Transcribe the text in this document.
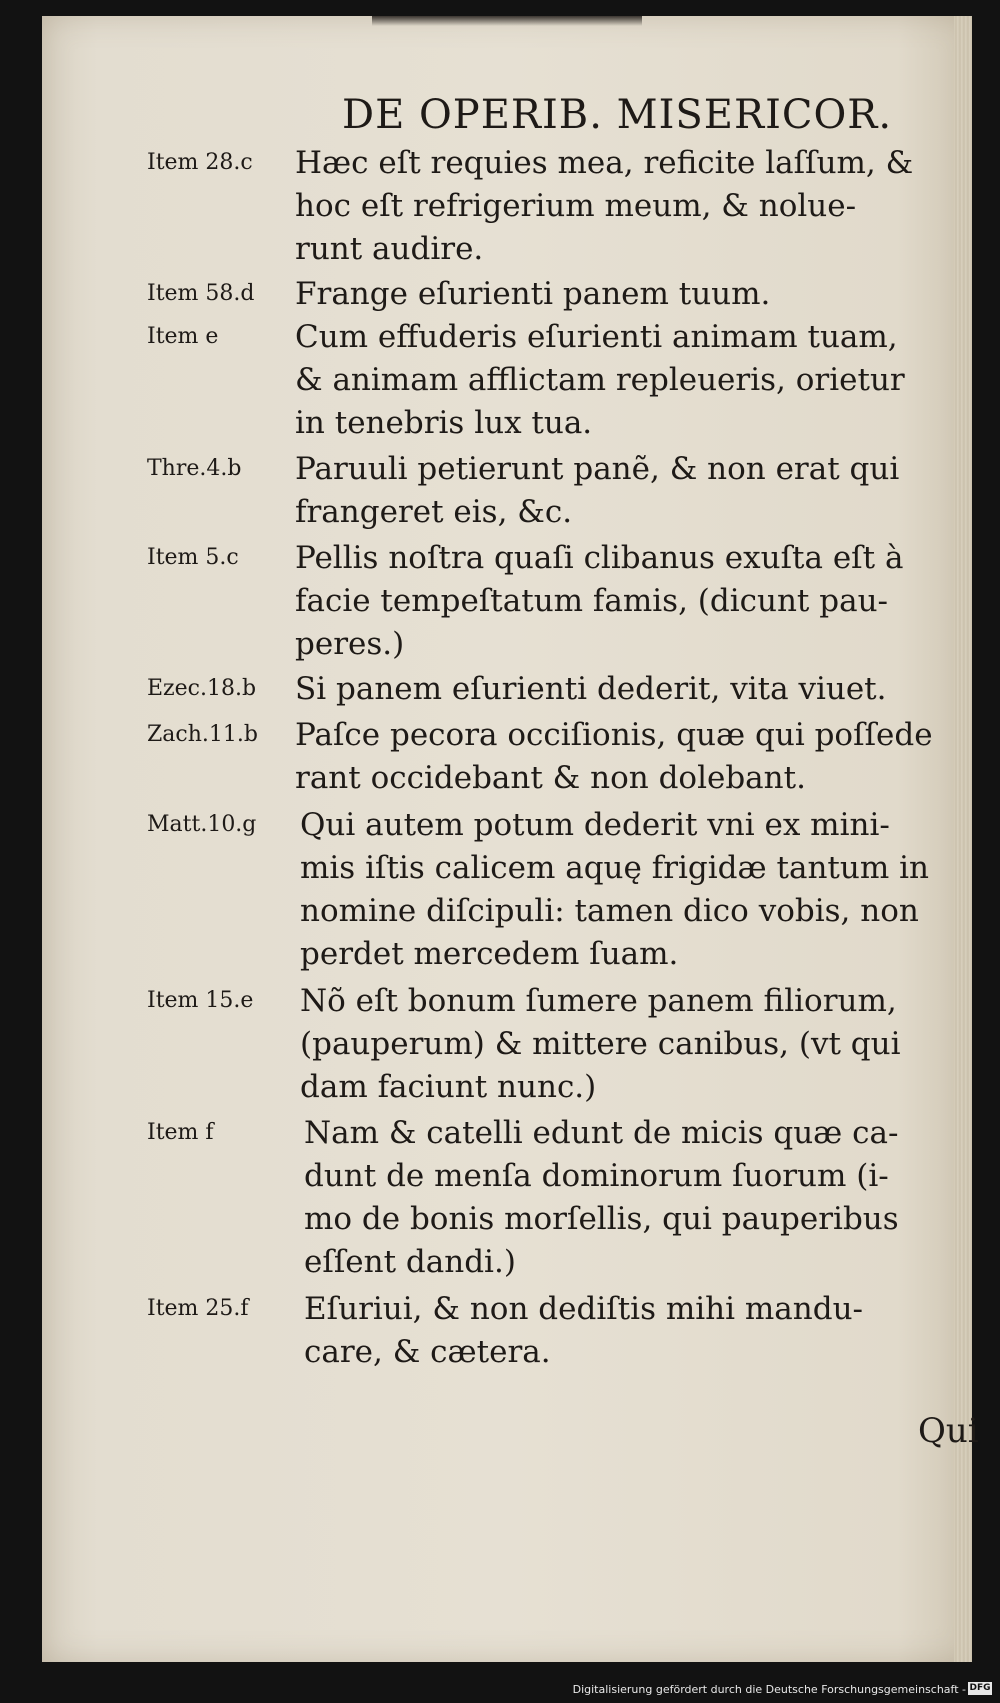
DE OPERIB. MISERICOR.
Item 28.c	Hæc eſt requies mea, reficite laſſum, &
hoc eſt refrigerium meum, & nolue-
runt audire.
Item 58.d	Frange eſurienti panem tuum.
Item e	Cum effuderis eſurienti animam tuam,
& animam afflictam repleueris, orietur
in tenebris lux tua.
Thre.4.b	Paruuli petierunt panẽ, & non erat qui
frangeret eis, &c.
Item 5.c	Pellis noſtra quaſi clibanus exuſta eſt à
facie tempeſtatum famis, (dicunt pau-
peres.)
Ezec.18.b	Si panem eſurienti dederit, vita viuet.
Zach.11.b	Paſce pecora occiſionis, quæ qui poſſede
rant occidebant & non dolebant.
Matt.10.g	Qui autem potum dederit vni ex mini-
mis iſtis calicem aquę frigidæ tantum in
nomine diſcipuli: tamen dico vobis, non
perdet mercedem ſuam.
Item 15.e	Nõ eſt bonum ſumere panem filiorum,
(pauperum) & mittere canibus, (vt qui
dam faciunt nunc.)
Item f	Nam & catelli edunt de micis quæ ca-
dunt de menſa dominorum ſuorum (i-
mo de bonis morſellis, qui pauperibus
eſſent dandi.)
Item 25.f	Eſuriui, & non dediſtis mihi mandu-
care, & cætera.
Qui
Digitalisierung gefördert durch die Deutsche Forschungsgemeinschaft - DFG
